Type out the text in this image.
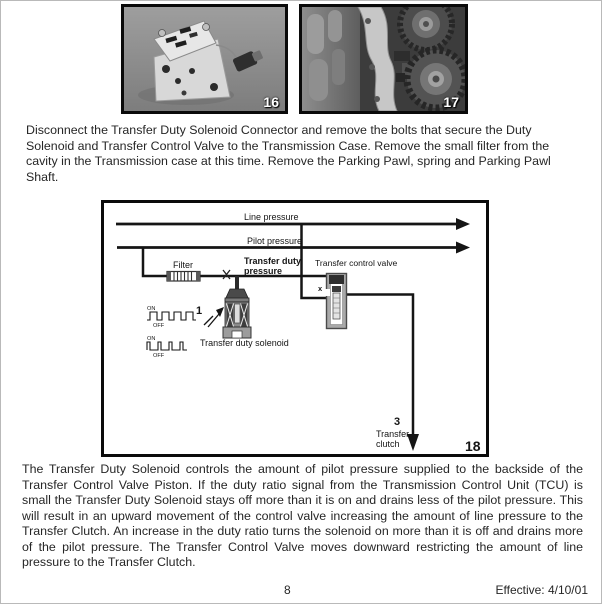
16	17
Disconnect the Transfer Duty Solenoid Connector and remove the bolts that secure the Duty Solenoid and Transfer Control Valve to the Transmission Case. Remove the small filter from the cavity in the Transmission case at this time. Remove the Parking Pawl, spring and Parking Pawl Shaft.
Line pressure
Pilot pressure
Filter	Transfer duty
pressure
Transfer control valve
x
ON
OFF
1
ON
OFF
Transfer duty solenoid
3
Transfer
clutch	18
The Transfer Duty Solenoid controls the amount of pilot pressure supplied to the backside of the Transfer Control Valve Piston. If the duty ratio signal from the Transmission Control Unit (TCU) is small the Transfer Duty Solenoid stays off more than it is on and drains less of the pilot pressure. This will result in an upward movement of the control valve increasing the amount of line pressure to the Transfer Clutch. An increase in the duty ratio turns the solenoid on more than it is off and drains more of the pilot pressure. The Transfer Control Valve moves downward restricting the amount of line pressure to the Transfer Clutch.
8	Effective: 4/10/01
